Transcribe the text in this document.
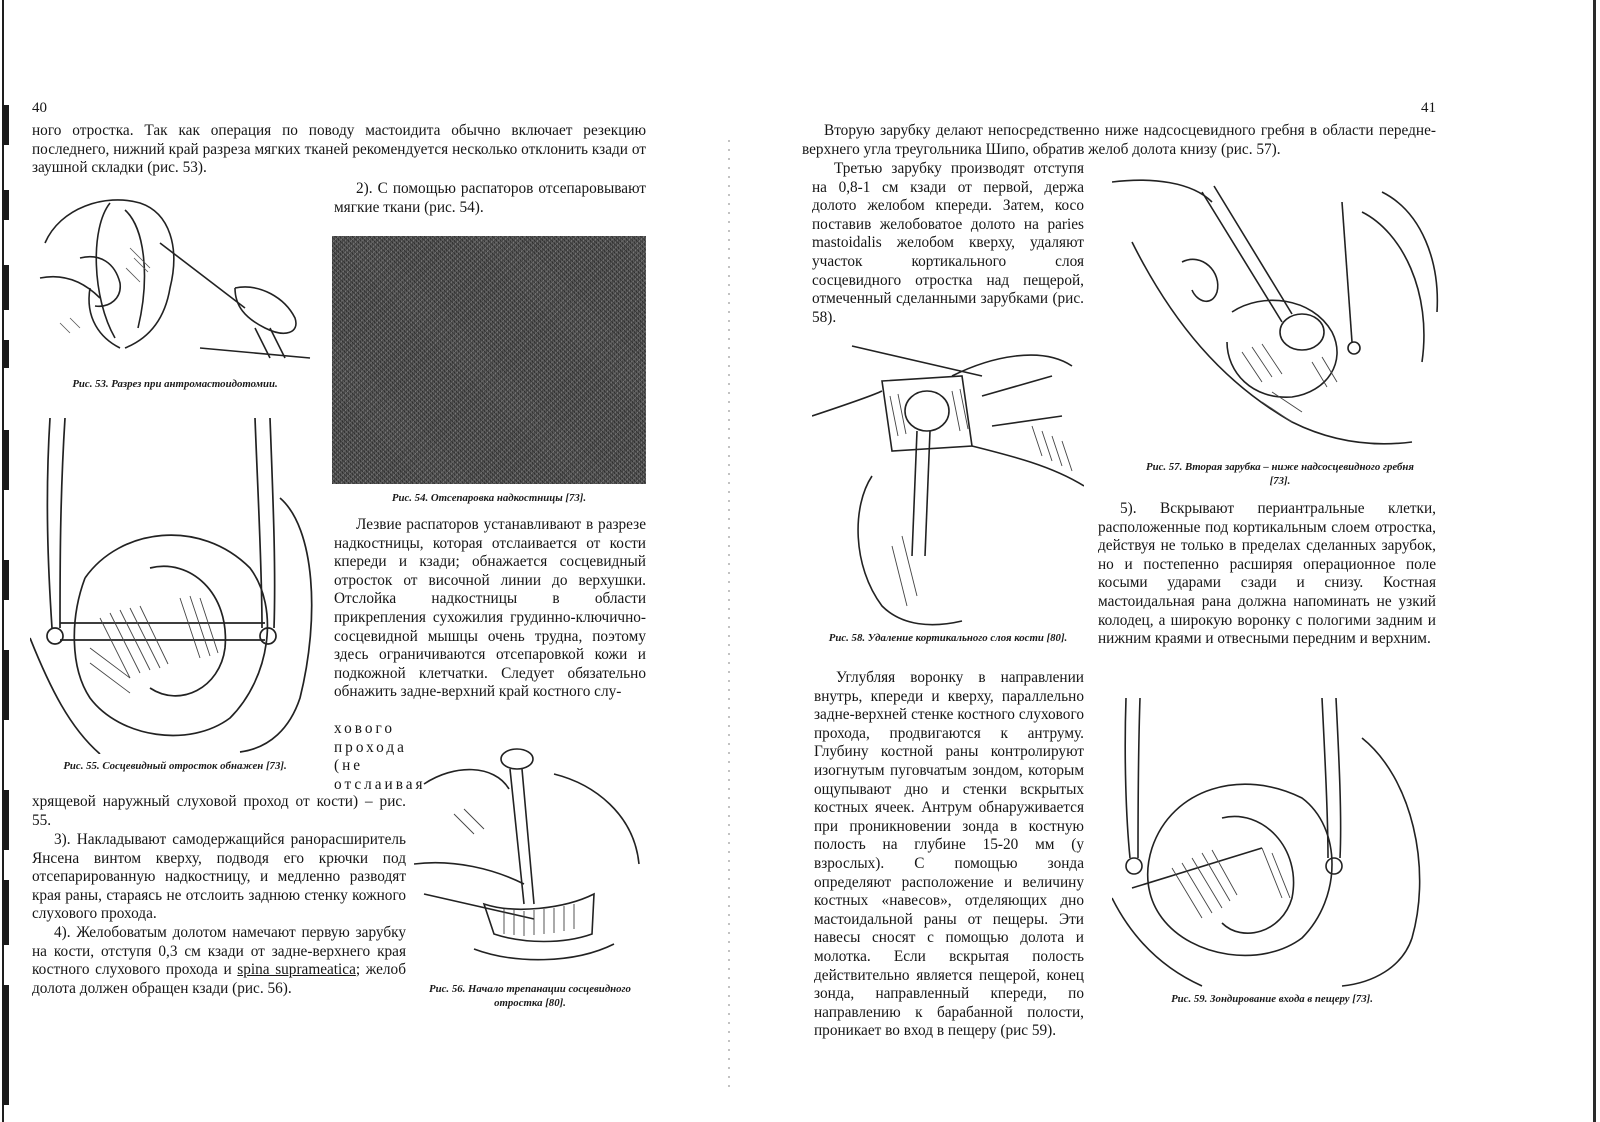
40

ного отростка. Так как операция по поводу мастоидита обычно включает резекцию последнего, нижний край разреза мягких тканей рекомендуется несколько отклонить кзади от заушной складки (рис. 53).

2). С помощью распаторов отсепаровывают мягкие ткани (рис. 54).

Рис. 53. Разрез при антромастоидотомии.

Рис. 54. Отсепаровка надкостницы [73].

Лезвие распаторов устанавливают в разрезе надкостницы, которая отслаивается от кости кпереди и кзади; обнажается сосцевидный отросток от височной линии до верхушки. Отслойка надкостницы в области прикрепления сухожилия грудинно-ключично-сосцевидной мышцы очень трудна, поэтому здесь ограничиваются отсепаровкой кожи и подкожной клетчатки. Следует обязательно обнажить задне-верхний край костного слу-

хового прохода (не отслаивая

Рис. 55. Сосцевидный отросток обнажен [73].

хрящевой наружный слуховой проход от кости) – рис. 55.

3). Накладывают самодержащийся ранорасширитель Янсена винтом кверху, подводя его крючки под отсепарированную надкостницу, и медленно разводят края раны, стараясь не отслоить заднюю стенку кожного слухового прохода.

4). Желобоватым долотом намечают первую зарубку на кости, отступя 0,3 см кзади от задне-верхнего края костного слухового прохода и spina suprameatica; желоб долота должен обращен кзади (рис. 56).	Рис. 56. Начало трепанации сосцевидного отростка [80].

41

Вторую зарубку делают непосредственно ниже надсосцевидного гребня в области передне-верхнего угла треугольника Шипо, обратив желоб долота книзу (рис. 57).

Третью зарубку производят отступя на 0,8-1 см кзади от первой, держа долото желобом кпереди. Затем, косо поставив желобоватое долото на paries mastoidalis желобом кверху, удаляют участок кортикального слоя сосцевидного отростка над пещерой, отмеченный сделанными зарубками (рис. 58).

Рис. 57. Вторая зарубка – ниже надсосцевидного гребня [73].

5). Вскрывают периантральные клетки, расположенные под кортикальным слоем отростка, действуя не только в пределах сделанных зарубок, но и постепенно расширяя операционное поле косыми ударами сзади и снизу. Костная мастоидальная рана должна напоминать не узкий колодец, а широкую воронку с пологими задним и нижним краями и отвесными передним и верхним.

Рис. 58. Удаление кортикального слоя кости [80].

Углубляя воронку в направлении внутрь, кпереди и кверху, параллельно задне-верхней стенке костного слухового прохода, продвигаются к антруму. Глубину костной раны контролируют изогнутым пуговчатым зондом, которым ощупывают дно и стенки вскрытых костных ячеек. Антрум обнаруживается при проникновении зонда в костную полость на глубине 15-20 мм (у взрослых). С помощью зонда определяют расположение и величину костных «навесов», отделяющих дно мастоидальной раны от пещеры. Эти навесы сносят с помощью долота и молотка. Если вскрытая полость действительно является пещерой, конец зонда, направленный кпереди, по направлению к барабанной полости, проникает во вход в пещеру (рис 59).

Рис. 59. Зондирование входа в пещеру [73].
